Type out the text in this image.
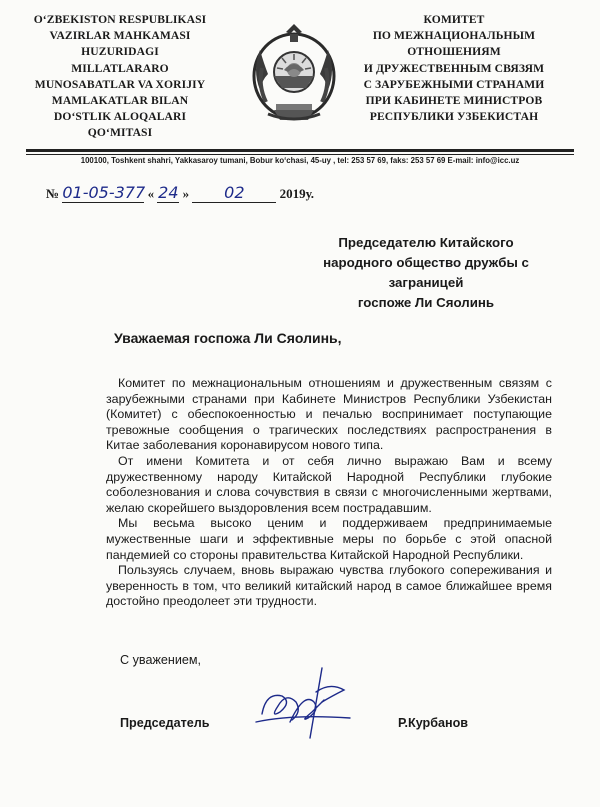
O‘ZBEKISTON RESPUBLIKASI
VAZIRLAR MAHKAMASI
HUZURIDAGI
MILLATLARARO
MUNOSABATLAR VA XORIJIY
MAMLAKATLAR BILAN
DO‘STLIK ALOQALARI
QO‘MITASI
КОМИТЕТ
ПО МЕЖНАЦИОНАЛЬНЫМ
ОТНОШЕНИЯМ
И ДРУЖЕСТВЕННЫМ СВЯЗЯМ
С ЗАРУБЕЖНЫМИ СТРАНАМИ
ПРИ КАБИНЕТЕ МИНИСТРОВ
РЕСПУБЛИКИ УЗБЕКИСТАН
100100, Toshkent shahri, Yakkasaroy tumani, Bobur ko‘chasi, 45-uy , tel: 253 57 69, faks: 253 57 69 E-mail: info@icc.uz
№ 01-05-377 « 24 » 02	2019у.
Председателю Китайского
народного общество дружбы с
заграницей
госпоже Ли Сяолинь
Уважаемая госпожа Ли Сяолинь,

Комитет по межнациональным отношениям и дружественным связям с зарубежными странами при Кабинете Министров Республики Узбекистан (Комитет) с обеспокоенностью и печалью воспринимает поступающие тревожные сообщения о трагических последствиях распространения в Китае заболевания коронавирусом нового типа.

От имени Комитета и от себя лично выражаю Вам и всему дружественному народу Китайской Народной Республики глубокие соболезнования и слова сочувствия в связи с многочисленными жертвами, желаю скорейшего выздоровления всем пострадавшим.

Мы весьма высоко ценим и поддерживаем предпринимаемые мужественные шаги и эффективные меры по борьбе с этой опасной пандемией со стороны правительства Китайской Народной Республики.

Пользуясь случаем, вновь выражаю чувства глубокого сопереживания и уверенность в том, что великий китайский народ в самое ближайшее время достойно преодолеет эти трудности.

С уважением,
Председатель	Р.Курбанов
